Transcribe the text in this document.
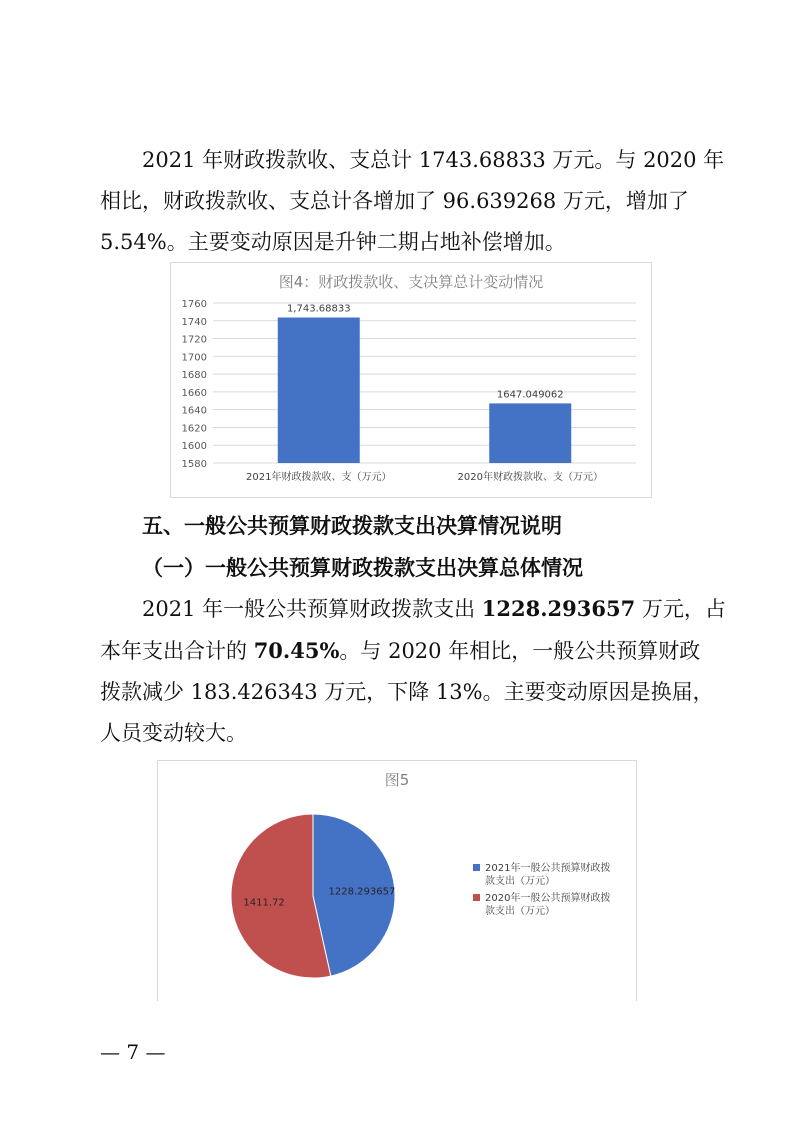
2021 年财政拨款收、支总计 1743.68833 万元。与 2020 年

相比，财政拨款收、支总计各增加了 96.639268 万元，增加了

5.54%。主要变动原因是升钟二期占地补偿增加。

图4：财政拨款收、支决算总计变动情况
1580
1600
1620
1640
1660
1680
1700
1720
1740
1760	1,743.68833
1647.049062
2021年财政拨款收、支（万元）	2020年财政拨款收、支（万元）
五、一般公共预算财政拨款支出决算情况说明
（一）一般公共预算财政拨款支出决算总体情况

2021 年一般公共预算财政拨款支出 1228.293657 万元，占

本年支出合计的 70.45%。与 2020 年相比，一般公共预算财政

拨款减少 183.426343 万元，下降 13%。主要变动原因是换届，

人员变动较大。

图5
1228.293657
1411.72
2021年一般公共预算财政拨款支出（万元）
2020年一般公共预算财政拨款支出（万元）
— 7 —
